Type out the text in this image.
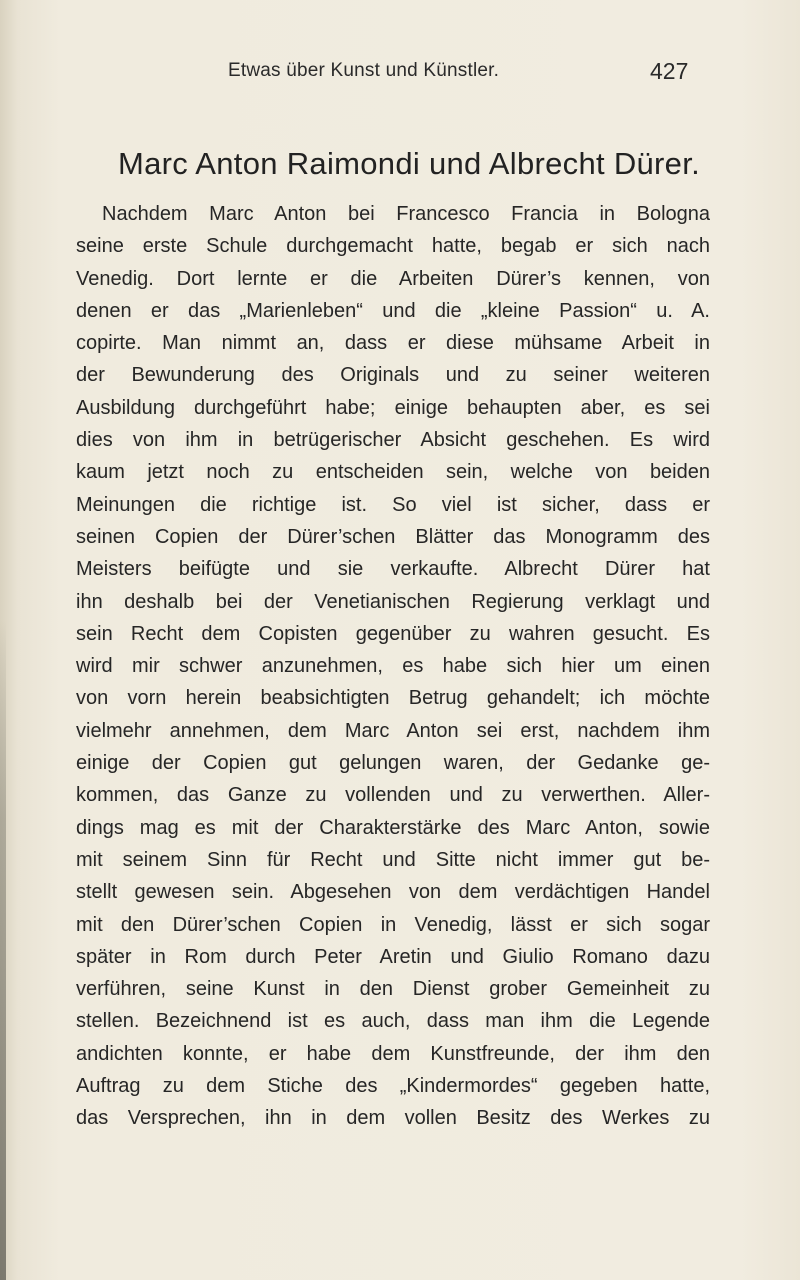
Etwas über Kunst und Künstler.	427
Marc Anton Raimondi und Albrecht Dürer.
Nachdem Marc Anton bei Francesco Francia in Bologna
seine erste Schule durchgemacht hatte, begab er sich nach
Venedig. Dort lernte er die Arbeiten Dürer’s kennen, von
denen er das „Marienleben“ und die „kleine Passion“ u. A.
copirte. Man nimmt an, dass er diese mühsame Arbeit in
der Bewunderung des Originals und zu seiner weiteren
Ausbildung durchgeführt habe; einige behaupten aber, es sei
dies von ihm in betrügerischer Absicht geschehen. Es wird
kaum jetzt noch zu entscheiden sein, welche von beiden
Meinungen die richtige ist. So viel ist sicher, dass er
seinen Copien der Dürer’schen Blätter das Monogramm des
Meisters beifügte und sie verkaufte. Albrecht Dürer hat
ihn deshalb bei der Venetianischen Regierung verklagt und
sein Recht dem Copisten gegenüber zu wahren gesucht. Es
wird mir schwer anzunehmen, es habe sich hier um einen
von vorn herein beabsichtigten Betrug gehandelt; ich möchte
vielmehr annehmen, dem Marc Anton sei erst, nachdem ihm
einige der Copien gut gelungen waren, der Gedanke ge-
kommen, das Ganze zu vollenden und zu verwerthen. Aller-
dings mag es mit der Charakterstärke des Marc Anton, sowie
mit seinem Sinn für Recht und Sitte nicht immer gut be-
stellt gewesen sein. Abgesehen von dem verdächtigen Handel
mit den Dürer’schen Copien in Venedig, lässt er sich sogar
später in Rom durch Peter Aretin und Giulio Romano dazu
verführen, seine Kunst in den Dienst grober Gemeinheit zu
stellen. Bezeichnend ist es auch, dass man ihm die Legende
andichten konnte, er habe dem Kunstfreunde, der ihm den
Auftrag zu dem Stiche des „Kindermordes“ gegeben hatte,
das Versprechen, ihn in dem vollen Besitz des Werkes zu
